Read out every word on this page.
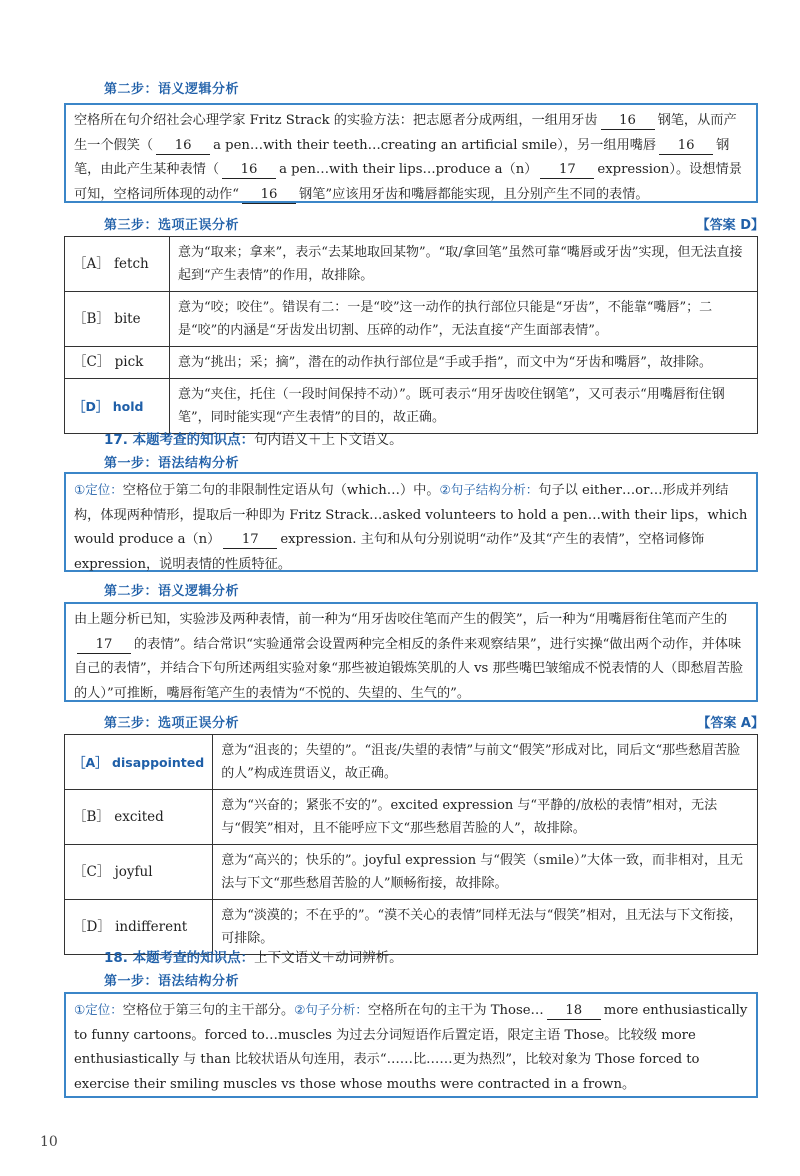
第二步：语义逻辑分析

空格所在句介绍社会心理学家 Fritz Strack 的实验方法：把志愿者分成两组，一组用牙齿 16 钢笔，从而产生一个假笑（ 16 a pen…with their teeth…creating an artificial smile），另一组用嘴唇 16 钢笔，由此产生某种表情（ 16 a pen…with their lips…produce a（n） 17 expression）。设想情景可知，空格词所体现的动作“ 16 钢笔”应该用牙齿和嘴唇都能实现，且分别产生不同的表情。

第三步：选项正误分析	【答案 D】
［A］ fetch	意为“取来；拿来”，表示“去某地取回某物”。“取/拿回笔”虽然可靠“嘴唇或牙齿”实现，但无法直接起到“产生表情”的作用，故排除。
［B］ bite	意为“咬；咬住”。错误有二：一是“咬”这一动作的执行部位只能是“牙齿”，不能靠“嘴唇”；二是“咬”的内涵是“牙齿发出切割、压碎的动作”，无法直接“产生面部表情”。
［C］ pick	意为“挑出；采；摘”，潜在的动作执行部位是“手或手指”，而文中为“牙齿和嘴唇”，故排除。
［D］ hold	意为“夹住，托住（一段时间保持不动）”。既可表示“用牙齿咬住钢笔”，又可表示“用嘴唇衔住钢笔”，同时能实现“产生表情”的目的，故正确。
17. 本题考查的知识点：句内语义＋上下文语义。
第一步：语法结构分析

①定位：空格位于第二句的非限制性定语从句（which…）中。②句子结构分析：句子以 either…or…形成并列结构，体现两种情形，提取后一种即为 Fritz Strack…asked volunteers to hold a pen…with their lips，which would produce a（n） 17 expression. 主句和从句分别说明“动作”及其“产生的表情”，空格词修饰 expression，说明表情的性质特征。

第二步：语义逻辑分析

由上题分析已知，实验涉及两种表情，前一种为“用牙齿咬住笔而产生的假笑”，后一种为“用嘴唇衔住笔而产生的17 的表情”。结合常识“实验通常会设置两种完全相反的条件来观察结果”，进行实操“做出两个动作，并体味自己的表情”，并结合下句所述两组实验对象“那些被迫锻炼笑肌的人 vs 那些嘴巴皱缩成不悦表情的人（即愁眉苦脸的人）”可推断，嘴唇衔笔产生的表情为“不悦的、失望的、生气的”。

第三步：选项正误分析	【答案 A】
［A］ disappointed	意为“沮丧的；失望的”。“沮丧/失望的表情”与前文“假笑”形成对比，同后文“那些愁眉苦脸的人”构成连贯语义，故正确。
［B］ excited	意为“兴奋的；紧张不安的”。excited expression 与“平静的/放松的表情”相对，无法与“假笑”相对，且不能呼应下文“那些愁眉苦脸的人”，故排除。
［C］ joyful	意为“高兴的；快乐的”。joyful expression 与“假笑（smile）”大体一致，而非相对，且无法与下文“那些愁眉苦脸的人”顺畅衔接，故排除。
［D］ indifferent	意为“淡漠的；不在乎的”。“漠不关心的表情”同样无法与“假笑”相对，且无法与下文衔接，可排除。
18. 本题考查的知识点：上下文语义＋动词辨析。
第一步：语法结构分析

①定位：空格位于第三句的主干部分。②句子分析：空格所在句的主干为 Those… 18 more enthusiastically to funny cartoons。forced to…muscles 为过去分词短语作后置定语，限定主语 Those。比较级 more enthusiastically 与 than 比较状语从句连用，表示“……比……更为热烈”，比较对象为 Those forced to exercise their smiling muscles vs those whose mouths were contracted in a frown。

10
